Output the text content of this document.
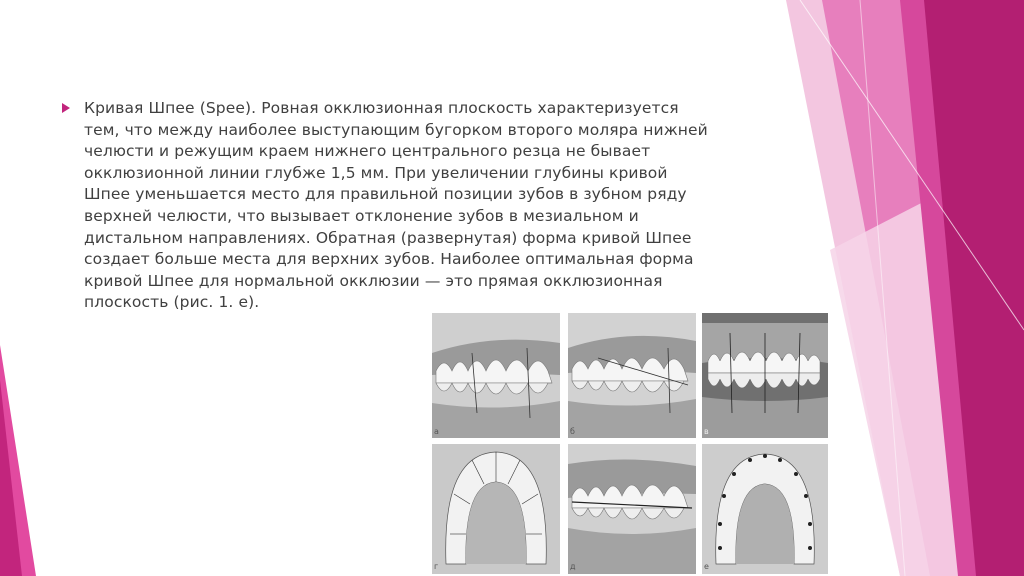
Кривая Шпее (Spee). Ровная окклюзионная плоскость характеризуется
тем, что между наиболее выступающим бугорком второго моляра нижней
челюсти и режущим краем нижнего центрального резца не бывает
окклюзионной линии глубже 1,5 мм. При увеличении глубины кривой
Шпее уменьшается место для правильной позиции зубов в зубном ряду
верхней челюсти, что вызывает отклонение зубов в мезиальном и
дистальном направлениях. Обратная (развернутая) форма кривой Шпее
создает больше места для верхних зубов. Наиболее оптимальная форма
кривой Шпее для нормальной окклюзии — это прямая окклюзионная
плоскость (рис. 1. е).
а	б	в
г	д	е
